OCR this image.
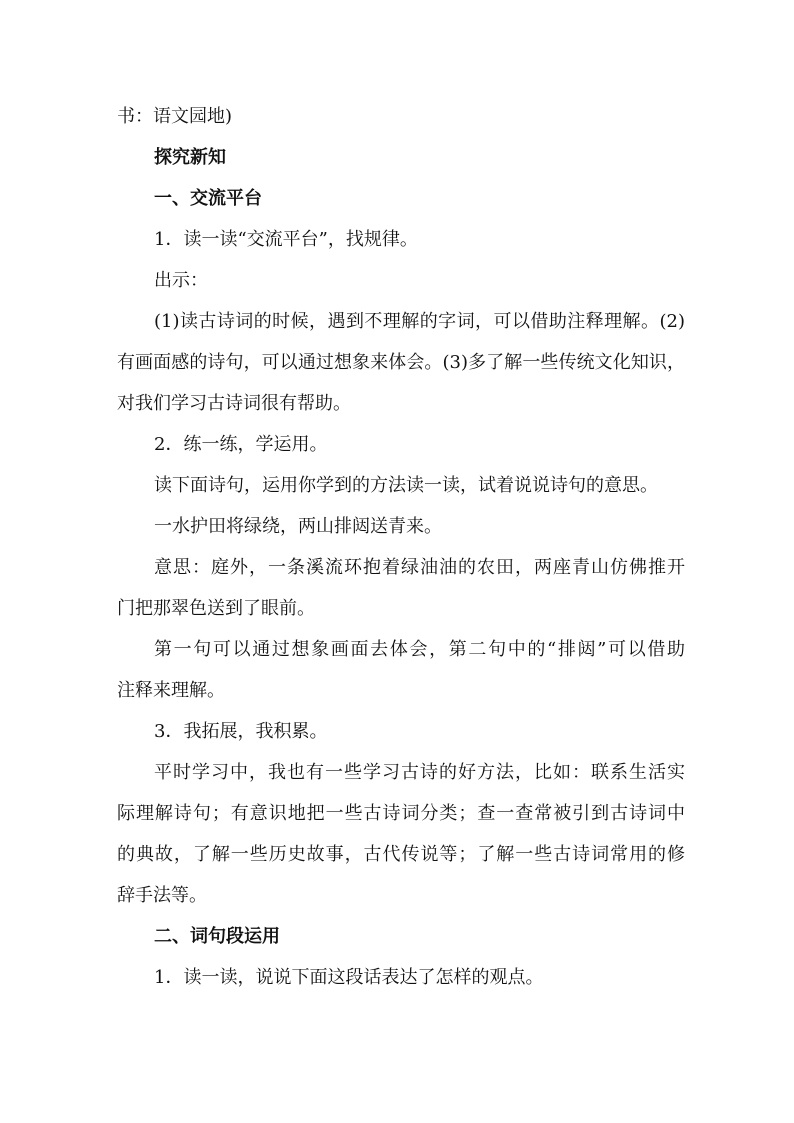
书：语文园地)

探究新知

一、交流平台

1．读一读“交流平台”，找规律。

出示：

(1)读古诗词的时候，遇到不理解的字词，可以借助注释理解。(2)

有画面感的诗句，可以通过想象来体会。(3)多了解一些传统文化知识，

对我们学习古诗词很有帮助。

2．练一练，学运用。

读下面诗句，运用你学到的方法读一读，试着说说诗句的意思。

一水护田将绿绕，两山排闼送青来。

意思：庭外，一条溪流环抱着绿油油的农田，两座青山仿佛推开

门把那翠色送到了眼前。

第一句可以通过想象画面去体会，第二句中的“排闼”可以借助

注释来理解。

3．我拓展，我积累。

平时学习中，我也有一些学习古诗的好方法，比如：联系生活实

际理解诗句；有意识地把一些古诗词分类；查一查常被引到古诗词中

的典故，了解一些历史故事，古代传说等；了解一些古诗词常用的修

辞手法等。

二、词句段运用

1．读一读，说说下面这段话表达了怎样的观点。
